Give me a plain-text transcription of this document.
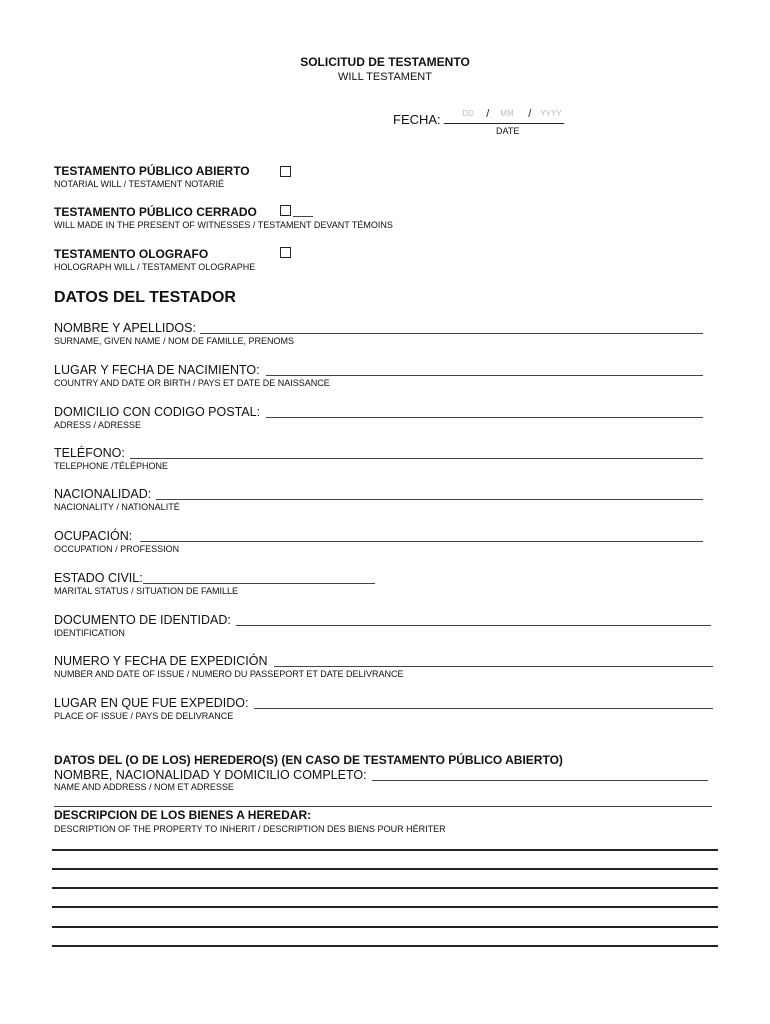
SOLICITUD DE TESTAMENTO
WILL TESTAMENT
FECHA:	DD / MM / YYYY
DATE
TESTAMENTO PÚBLICO ABIERTO
NOTARIAL WILL / TESTAMENT NOTARIÉ
TESTAMENTO PÚBLICO CERRADO
WILL MADE IN THE PRESENT OF WITNESSES / TESTAMENT DEVANT TÉMOINS
TESTAMENTO OLOGRAFO
HOLOGRAPH WILL / TESTAMENT OLOGRAPHE
DATOS DEL TESTADOR
NOMBRE Y APELLIDOS:
SURNAME, GIVEN NAME / NOM DE FAMILLE, PRENOMS
LUGAR Y FECHA DE NACIMIENTO:
COUNTRY AND DATE OR BIRTH / PAYS ET DATE DE NAISSANCE
DOMICILIO CON CODIGO POSTAL:
ADRESS / ADRESSE
TELÉFONO:
TELEPHONE /TÉLÉPHONE
NACIONALIDAD:
NACIONALITY / NATIONALITÉ
OCUPACIÓN:
OCCUPATION / PROFESSION
ESTADO CIVIL:
MARITAL STATUS / SITUATION DE FAMILLE
DOCUMENTO DE IDENTIDAD:
IDENTIFICATION
NUMERO Y FECHA DE EXPEDICIÓN
NUMBER AND DATE OF ISSUE / NUMERO DU PASSEPORT ET DATE DELIVRANCE
LUGAR EN QUE FUE EXPEDIDO:
PLACE OF ISSUE / PAYS DE DELIVRANCE
DATOS DEL (O DE LOS) HEREDERO(S) (EN CASO DE TESTAMENTO PÚBLICO ABIERTO)
NOMBRE, NACIONALIDAD Y DOMICILIO COMPLETO:
NAME AND ADDRESS / NOM ET ADRESSE
DESCRIPCION DE LOS BIENES A HEREDAR:
DESCRIPTION OF THE PROPERTY TO INHERIT / DESCRIPTION DES BIENS POUR HÉRITER
